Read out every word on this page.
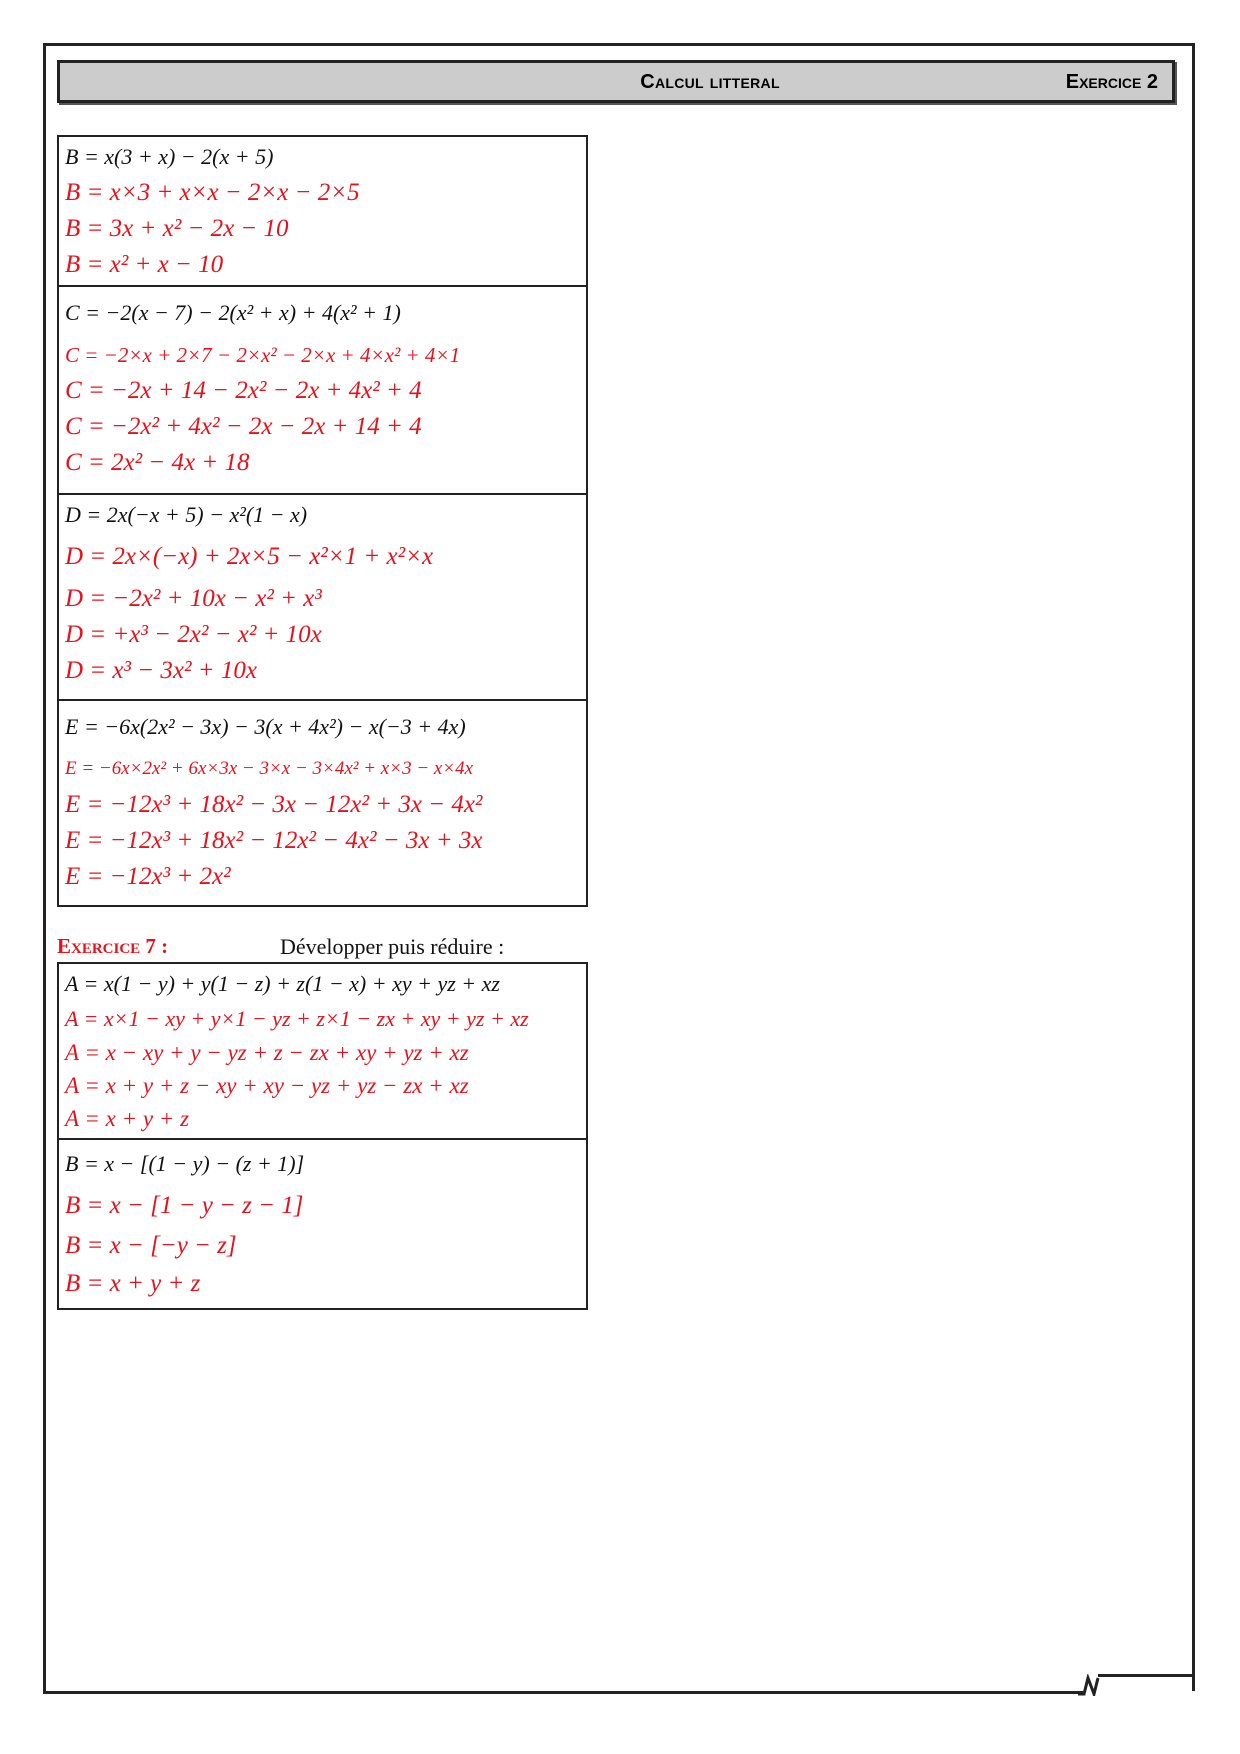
Calcul litteral	Exercice 2
B = x(3 + x) − 2(x + 5)
B = x×3 + x×x − 2×x − 2×5
B = 3x + x² − 2x − 10
B = x² + x − 10
C = −2(x − 7) − 2(x² + x) + 4(x² + 1)
C = −2×x + 2×7 − 2×x² − 2×x + 4×x² + 4×1
C = −2x + 14 − 2x² − 2x + 4x² + 4
C = −2x² + 4x² − 2x − 2x + 14 + 4
C = 2x² − 4x + 18
D = 2x(−x + 5) − x²(1 − x)
D = 2x×(−x) + 2x×5 − x²×1 + x²×x
D = −2x² + 10x − x² + x³
D = +x³ − 2x² − x² + 10x
D = x³ − 3x² + 10x
E = −6x(2x² − 3x) − 3(x + 4x²) − x(−3 + 4x)
E = −6x×2x² + 6x×3x − 3×x − 3×4x² + x×3 − x×4x
E = −12x³ + 18x² − 3x − 12x² + 3x − 4x²
E = −12x³ + 18x² − 12x² − 4x² − 3x + 3x
E = −12x³ + 2x²
Exercice 7 :	Développer puis réduire :
A = x(1 − y) + y(1 − z) + z(1 − x) + xy + yz + xz
A = x×1 − xy + y×1 − yz + z×1 − zx + xy + yz + xz
A = x − xy + y − yz + z − zx + xy + yz + xz
A = x + y + z − xy + xy − yz + yz − zx + xz
A = x + y + z
B = x − [(1 − y) − (z + 1)]
B = x − [1 − y − z − 1]
B = x − [−y − z]
B = x + y + z
